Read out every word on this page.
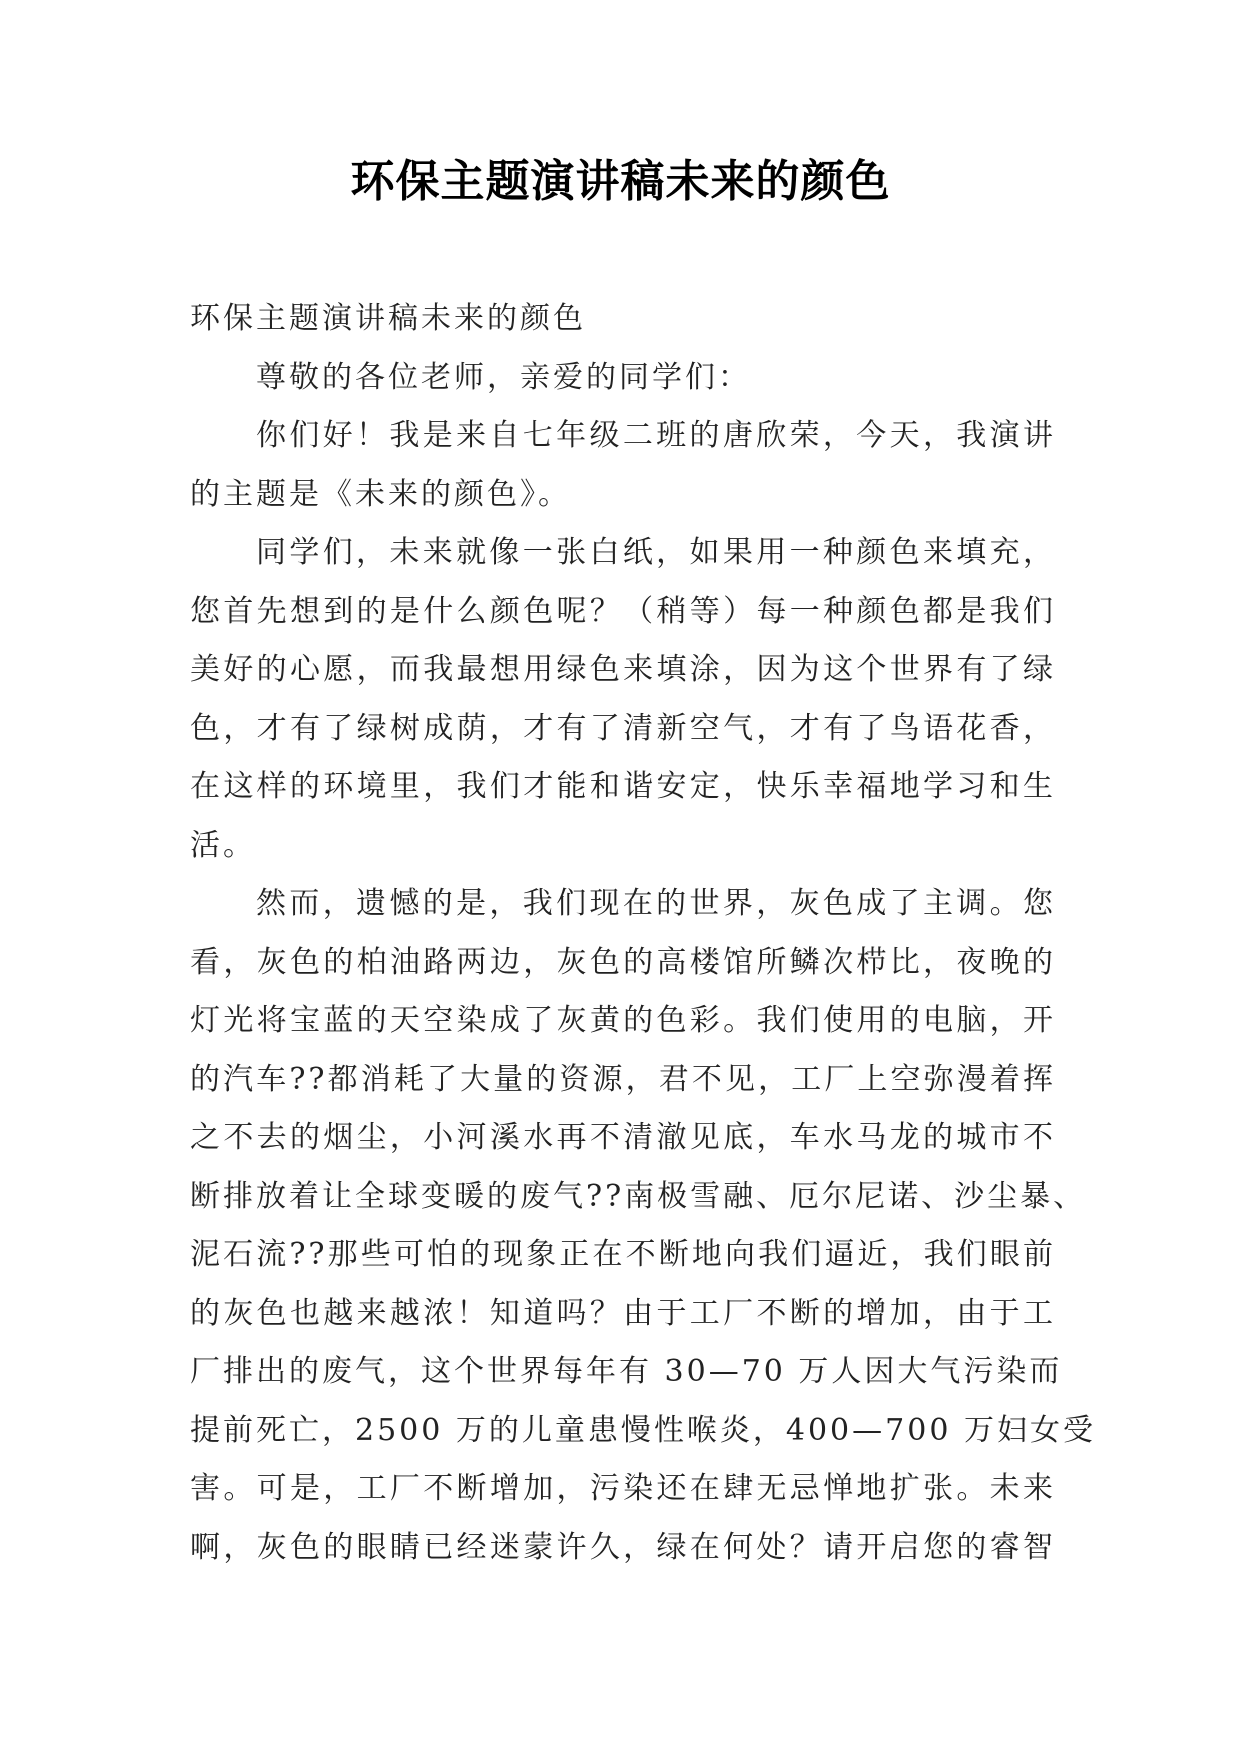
环保主题演讲稿未来的颜色
环保主题演讲稿未来的颜色
尊敬的各位老师，亲爱的同学们：
你们好！我是来自七年级二班的唐欣荣，今天，我演讲
的主题是《未来的颜色》。
同学们，未来就像一张白纸，如果用一种颜色来填充，
您首先想到的是什么颜色呢？（稍等）每一种颜色都是我们
美好的心愿，而我最想用绿色来填涂，因为这个世界有了绿
色，才有了绿树成荫，才有了清新空气，才有了鸟语花香，
在这样的环境里，我们才能和谐安定，快乐幸福地学习和生
活。
然而，遗憾的是，我们现在的世界，灰色成了主调。您
看，灰色的柏油路两边，灰色的高楼馆所鳞次栉比，夜晚的
灯光将宝蓝的天空染成了灰黄的色彩。我们使用的电脑，开
的汽车??都消耗了大量的资源，君不见，工厂上空弥漫着挥
之不去的烟尘，小河溪水再不清澈见底，车水马龙的城市不
断排放着让全球变暖的废气??南极雪融、厄尔尼诺、沙尘暴、
泥石流??那些可怕的现象正在不断地向我们逼近，我们眼前
的灰色也越来越浓！知道吗？由于工厂不断的增加，由于工
厂排出的废气，这个世界每年有 30—70 万人因大气污染而
提前死亡，2500 万的儿童患慢性喉炎，400—700 万妇女受
害。可是，工厂不断增加，污染还在肆无忌惮地扩张。未来
啊，灰色的眼睛已经迷蒙许久，绿在何处？请开启您的睿智
